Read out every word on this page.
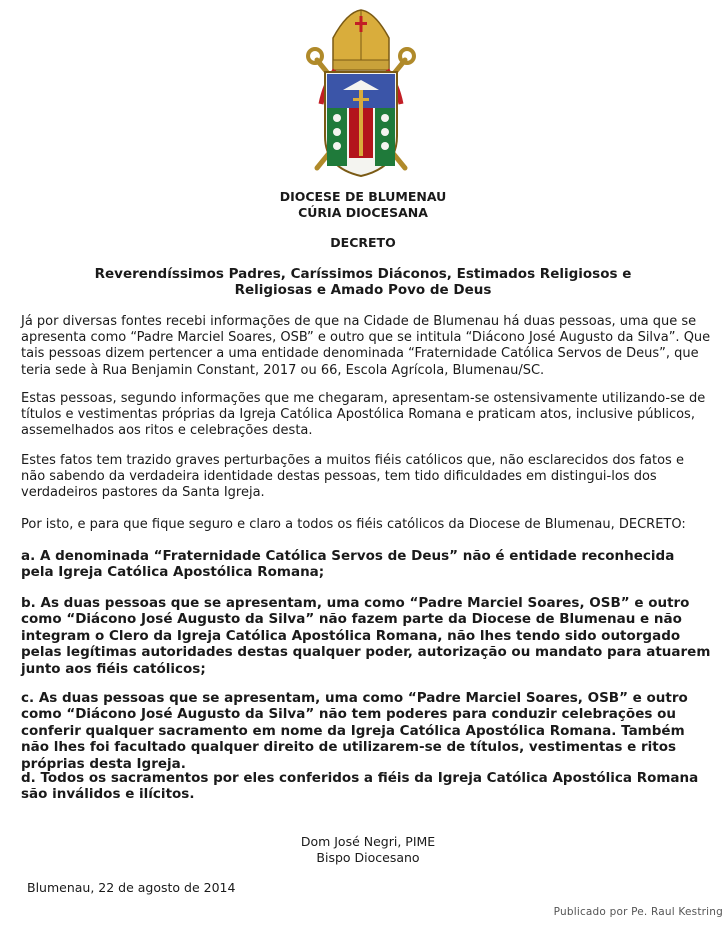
DIOCESE DE BLUMENAU
CÚRIA DIOCESANA
DECRETO
Reverendíssimos Padres, Caríssimos Diáconos, Estimados Religiosos e
Religiosas e Amado Povo de Deus

Já por diversas fontes recebi informações de que na Cidade de Blumenau há duas pessoas, uma que se apresenta como “Padre Marciel Soares, OSB” e outro que se intitula “Diácono José Augusto da Silva”. Que tais pessoas dizem pertencer a uma entidade denominada “Fraternidade Católica Servos de Deus”, que teria sede à Rua Benjamin Constant, 2017 ou 66, Escola Agrícola, Blumenau/SC.

Estas pessoas, segundo informações que me chegaram, apresentam-se ostensivamente utilizando-se de títulos e vestimentas próprias da Igreja Católica Apostólica Romana e praticam atos, inclusive públicos, assemelhados aos ritos e celebrações desta.

Estes fatos tem trazido graves perturbações a muitos fiéis católicos que, não esclarecidos dos fatos e não sabendo da verdadeira identidade destas pessoas, tem tido dificuldades em distingui-los dos verdadeiros pastores da Santa Igreja.

Por isto, e para que fique seguro e claro a todos os fiéis católicos da Diocese de Blumenau, DECRETO:

a. A denominada “Fraternidade Católica Servos de Deus” não é entidade reconhecida pela Igreja Católica Apostólica Romana;

b. As duas pessoas que se apresentam, uma como “Padre Marciel Soares, OSB” e outro como “Diácono José Augusto da Silva” não fazem parte da Diocese de Blumenau e não integram o Clero da Igreja Católica Apostólica Romana, não lhes tendo sido outorgado pelas legítimas autoridades destas qualquer poder, autorização ou mandato para atuarem junto aos fiéis católicos;

c. As duas pessoas que se apresentam, uma como “Padre Marciel Soares, OSB” e outro como “Diácono José Augusto da Silva” não tem poderes para conduzir celebrações ou conferir qualquer sacramento em nome da Igreja Católica Apostólica Romana. Também não lhes foi facultado qualquer direito de utilizarem-se de títulos, vestimentas e ritos próprias desta Igreja.

d. Todos os sacramentos por eles conferidos a fiéis da Igreja Católica Apostólica Romana são inválidos e ilícitos.

Dom José Negri, PIME
Bispo Diocesano
Blumenau, 22 de agosto de 2014
Publicado por Pe. Raul Kestring
